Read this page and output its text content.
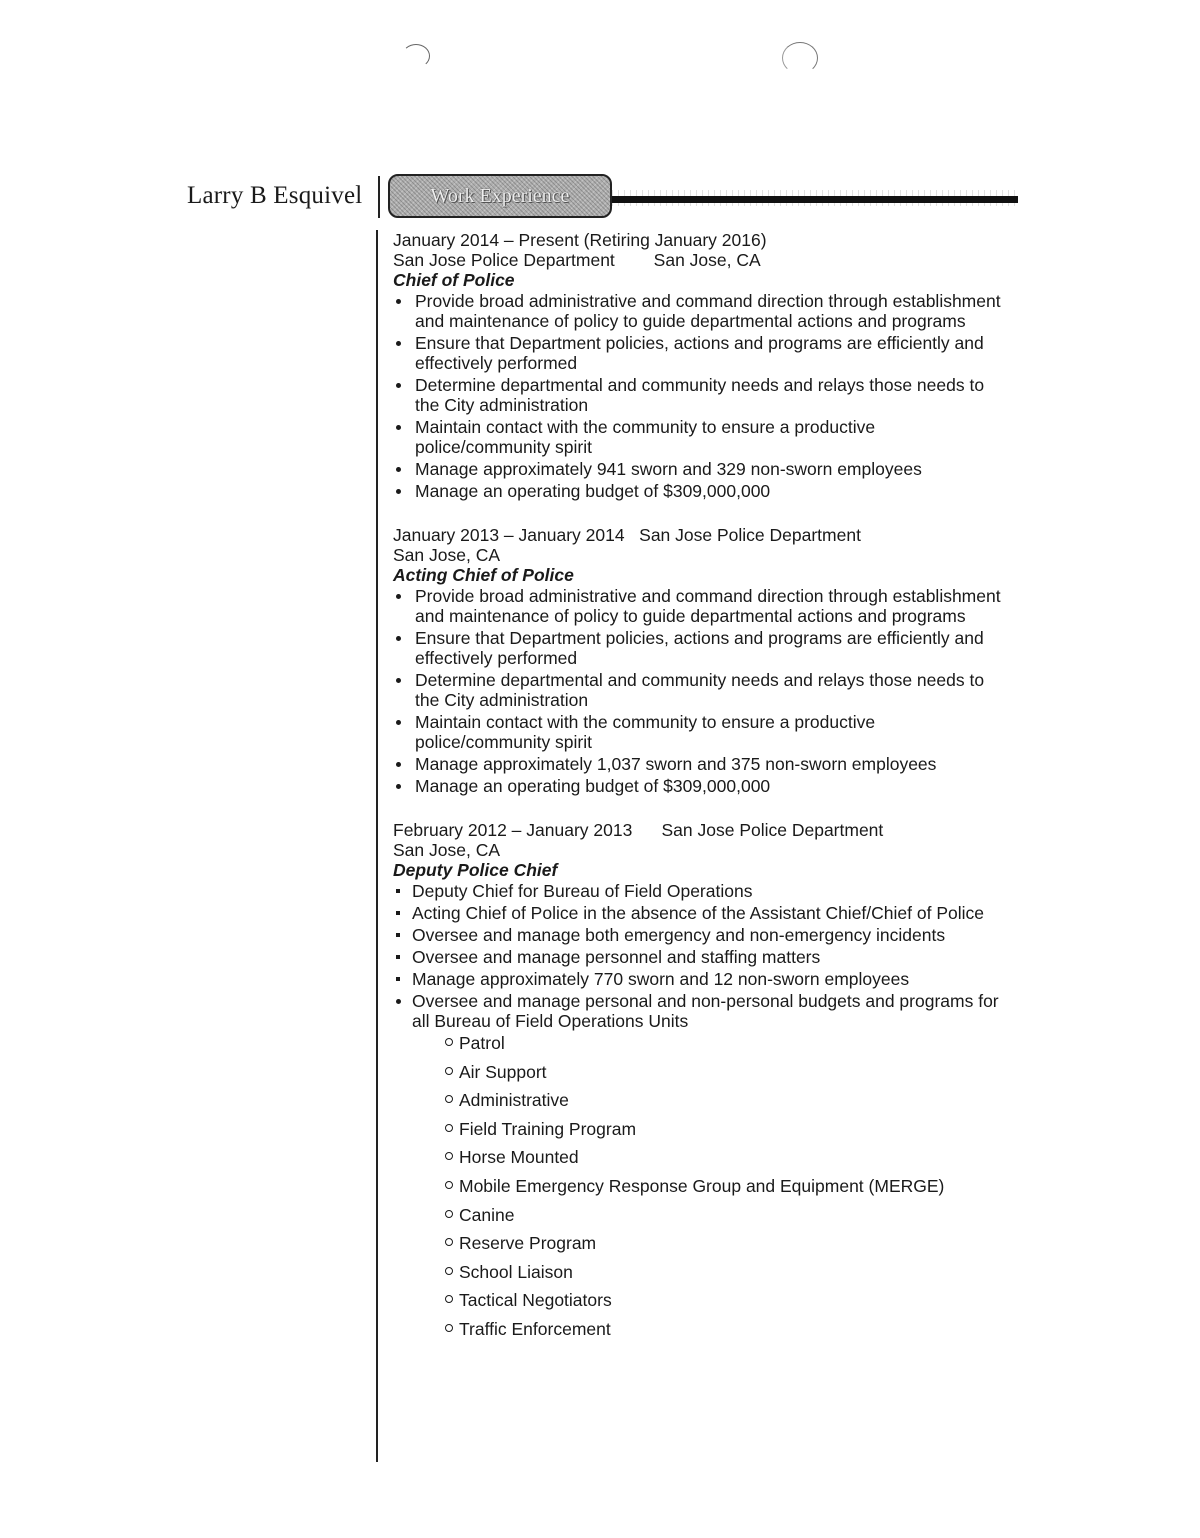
Larry B Esquivel	Work Experience
January 2014 – Present (Retiring January 2016)
San Jose Police Department        San Jose, CA
Chief of Police
Provide broad administrative and command direction through establishment and maintenance of policy to guide departmental actions and programs
Ensure that Department policies, actions and programs are efficiently and effectively performed
Determine departmental and community needs and relays those needs to the City administration
Maintain contact with the community to ensure a productive police/community spirit
Manage approximately 941 sworn and 329 non-sworn employees
Manage an operating budget of $309,000,000
January 2013 – January 2014   San Jose Police Department
San Jose, CA
Acting Chief of Police
Provide broad administrative and command direction through establishment and maintenance of policy to guide departmental actions and programs
Ensure that Department policies, actions and programs are efficiently and effectively performed
Determine departmental and community needs and relays those needs to the City administration
Maintain contact with the community to ensure a productive police/community spirit
Manage approximately 1,037 sworn and 375 non-sworn employees
Manage an operating budget of $309,000,000
February 2012 – January 2013      San Jose Police Department
San Jose, CA
Deputy Police Chief
Deputy Chief for Bureau of Field Operations
Acting Chief of Police in the absence of the Assistant Chief/Chief of Police
Oversee and manage both emergency and non-emergency incidents
Oversee and manage personnel and staffing matters
Manage approximately 770 sworn and 12 non-sworn employees
Oversee and manage personal and non-personal budgets and programs for all Bureau of Field Operations Units
Patrol
Air Support
Administrative
Field Training Program
Horse Mounted
Mobile Emergency Response Group and Equipment (MERGE)
Canine
Reserve Program
School Liaison
Tactical Negotiators
Traffic Enforcement
